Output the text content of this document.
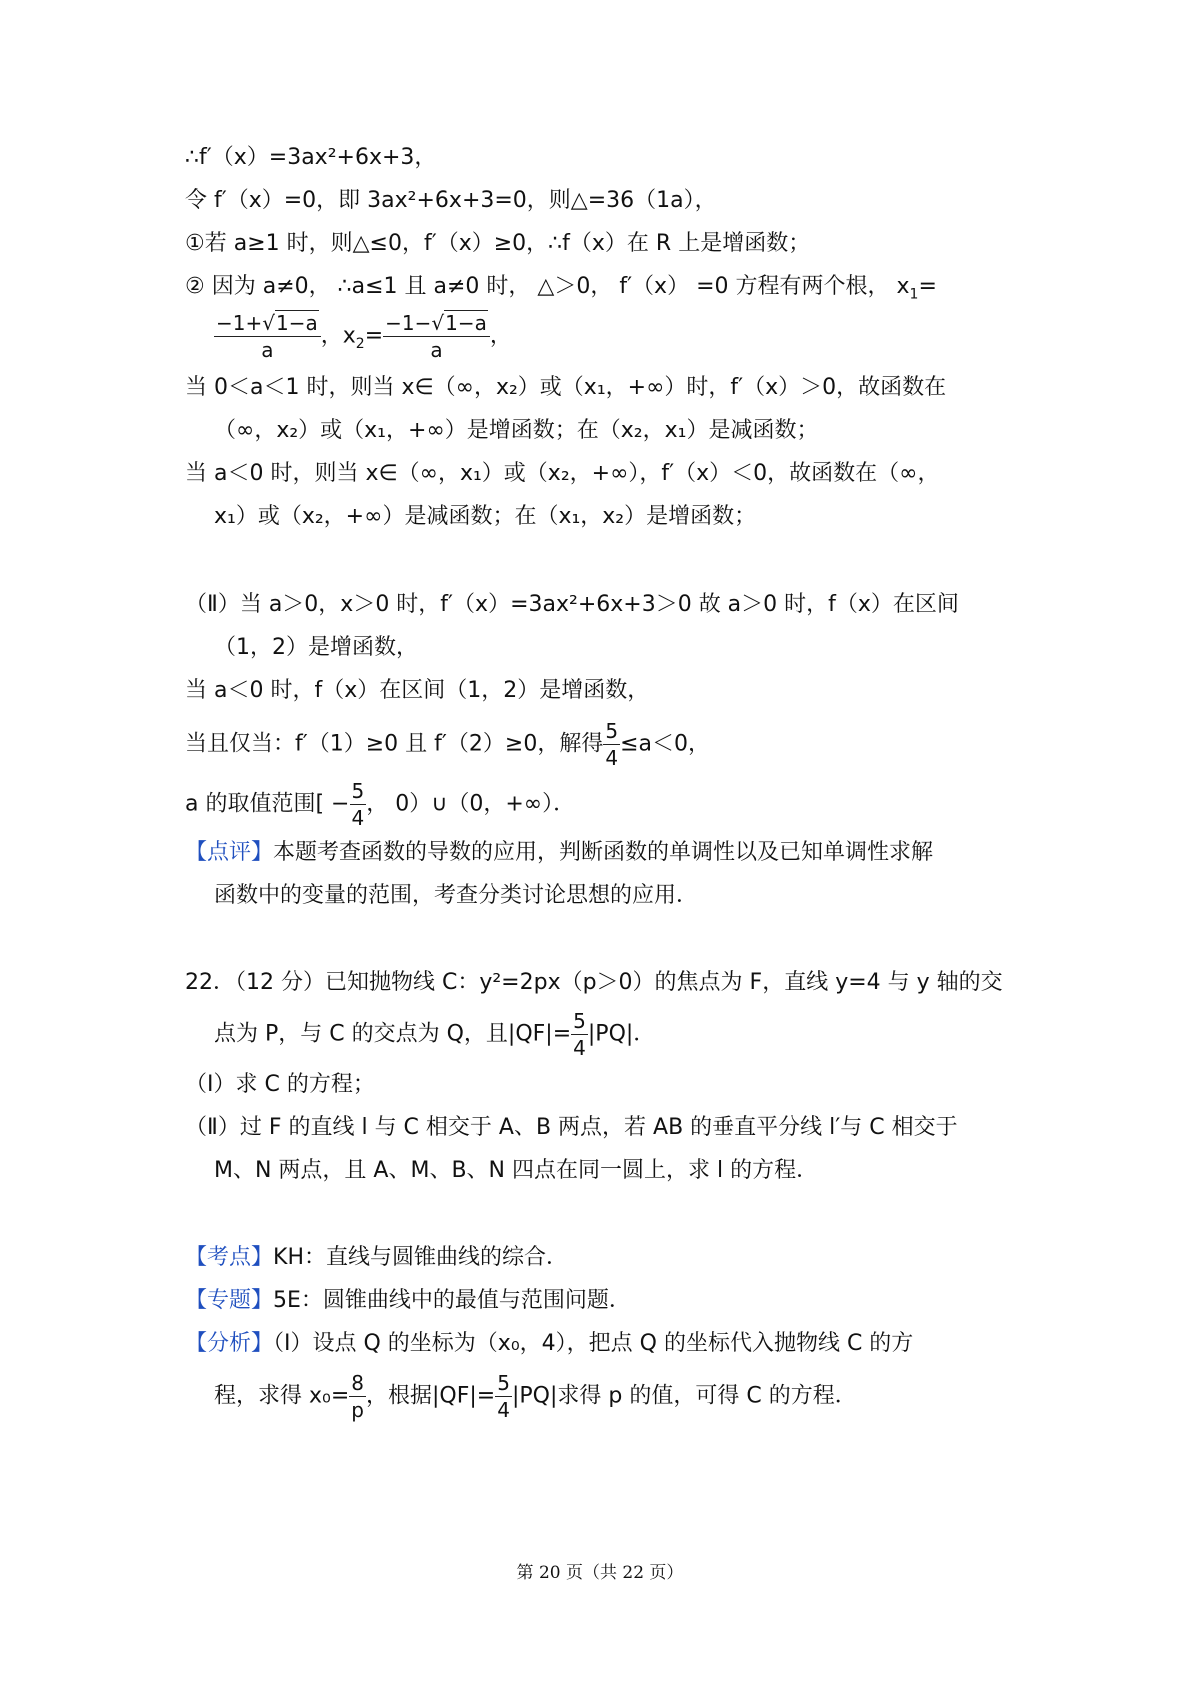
∴f′（x）=3ax²+6x+3，
令 f′（x）=0，即 3ax²+6x+3=0，则△=36（1a），
①若 a≥1 时，则△≤0，f′（x）≥0，∴f（x）在 R 上是增函数；
② 因为 a≠0， ∴a≤1 且 a≠0 时， △＞0， f′（x） =0 方程有两个根， $x_1=$
$\frac{-1+√1-a}{a}$ ，$x_2= \frac{-1-√1-a}{a}$ ，
当 0＜a＜1 时，则当 x∈（∞，x₂）或（x₁，+∞）时，f′（x）＞0，故函数在
（∞，x₂）或（x₁，+∞）是增函数；在（x₂，x₁）是减函数；
当 a＜0 时，则当 x∈（∞，x₁）或（x₂，+∞），f′（x）＜0，故函数在（∞，
x₁）或（x₂，+∞）是减函数；在（x₁，x₂）是增函数；
（Ⅱ）当 a＞0，x＞0 时，f′（x）=3ax²+6x+3＞0 故 a＞0 时，f（x）在区间
（1，2）是增函数，
当 a＜0 时，f（x）在区间（1，2）是增函数，
当且仅当：f′（1）≥0 且 f′（2）≥0，解得 $\frac{5}{4} \le a<0$，
a 的取值范围[ − $\frac{5}{4}$ ， 0）∪（0，+∞）．
【点评】本题考查函数的导数的应用，判断函数的单调性以及已知单调性求解
函数中的变量的范围，考查分类讨论思想的应用．
22．（12 分）已知抛物线 C：y²=2px（p＞0）的焦点为 F，直线 y=4 与 y 轴的交
点为 P，与 C 的交点为 Q，且$|QF|= \frac{5}{4} |PQ|$．
（Ⅰ）求 C 的方程；
（Ⅱ）过 F 的直线 l 与 C 相交于 A、B 两点，若 AB 的垂直平分线 l′与 C 相交于
M、N 两点，且 A、M、B、N 四点在同一圆上，求 l 的方程．
【考点】KH：直线与圆锥曲线的综合．
【专题】5E：圆锥曲线中的最值与范围问题．
【分析】（Ⅰ）设点 Q 的坐标为（x₀，4），把点 Q 的坐标代入抛物线 C 的方
程，求得 $x_0= \frac{8}{p}$ ，根据$|QF|= \frac{5}{4} |PQ|$求得 p 的值，可得 C 的方程．
第 20 页（共 22 页）
